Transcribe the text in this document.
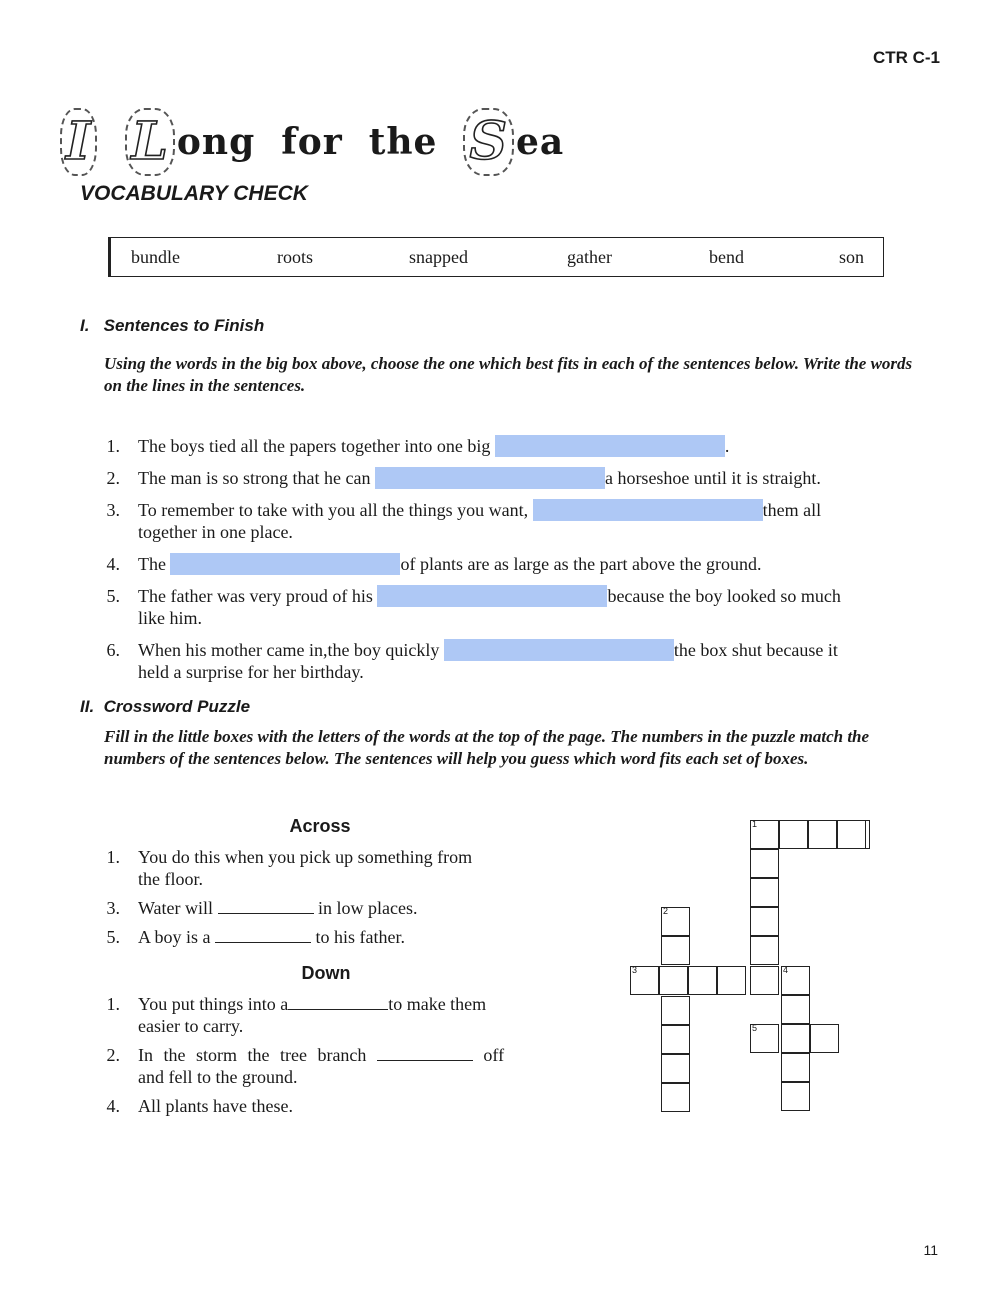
CTR C-1
I L ong for the S ea
VOCABULARY CHECK
bundle	roots	snapped	gather	bend	son
I. Sentences to Finish
Using the words in the big box above, choose the one which best fits in each of the sentences below. Write the words on the lines in the sentences.
1. The boys tied all the papers together into one big	.
2. The man is so strong that he can	a horseshoe until it is straight.
3. To remember to take with you all the things you want,	them all
together in one place.
4. The	of plants are as large as the part above the ground.
5. The father was very proud of his	because the boy looked so much
like him.
6. When his mother came in,the boy quickly	the box shut because it
held a surprise for her birthday.
II. Crossword Puzzle
Fill in the little boxes with the letters of the words at the top of the page. The numbers in the puzzle match the numbers of the sentences below. The sentences will help you guess which word fits each set of boxes.
Across
1. You do this when you pick up something from
the floor.
3. Water will	in low places.
5. A boy is a	to his father.
Down
1. You put things into a	to make them
easier to carry.
2. In the storm the tree branch	off
and fell to the ground.
4. All plants have these.
1
2
3	4
5
11
